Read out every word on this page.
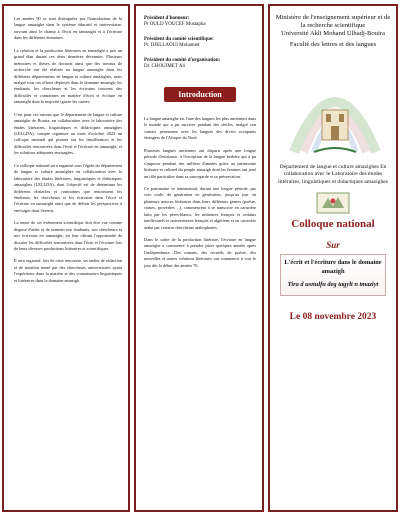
Les années 90 se sont distinguées par l'introduction de la langue amazighe dans le système éducatif et universitaire, ouvrant ainsi le champ à l'écrit en tamazight et à l'écriture dans les différents domaines.

La création et la production littéraires en tamazight a pris un grand élan durant ces deux dernières décennies. Plusieurs mémoires et thèses de doctorat ainsi que des travaux de recherche ont été réalisés en langue amazighe dans les différents départements de langue et culture amazighes, mais malgré tous ces efforts déployés dans le domaine amazigh, les étudiants, les chercheurs et les écrivains trouvent des difficultés et contraintes en matière d'écrit et écriture en tamazight dont la majorité ignore les causes.

C'est pour ces raisons que le département de langue et culture amazighe de Bouira, en collaboration avec le laboratoire des études littéraires, linguistiques et didactiques amazighes (LELLDA), compte organiser au mois d'octobre 2023 un colloque national qui portera sur les insuffisances et les difficultés rencontrées dans l'écrit et l'écriture en tamazight, et les solutions adéquates envisagées.

Ce colloque national sera organisé sous l'égide du département de langue et culture amazighes en collaboration avec le laboratoire des études littéraires, linguistiques et didactiques amazighes (LELLDA), dont l'objectif est de déterminer les différents obstacles et contraintes que rencontrent les étudiants, les chercheurs et les écrivains dans l'écrit et l'écriture en tamazight ainsi que de définir les perspectives à envisager dans l'avenir.

La tenue de cet événement scientifique doit être vue comme disposé d'aider et de soutenir nos étudiants, nos chercheurs et nos écrivains en tamazight, en leur offrant l'opportunité de discuter les difficultés rencontrées dans l'écrit et l'écriture lors de leurs diverses productions littéraires et scientifiques.

Il sera organisé, lors de cette rencontre, un atelier de rédaction et de notation mené par des chercheurs universitaires ayant l'expérience dans la matière et des connaisseurs linguistiques et littéraires dans le domaine amazigh.

Président d'honneur:

Pr OULD YOUCEF Mustapha

Président du comité scientifique:

Pr. DJELLAOUI Mohamed

Président du comité d'organisation:

Dr. CHOUIMET Ali

Introduction

La langue amazighe est l'une des langues les plus anciennes dans le monde qui a pu survivre pendant des siècles, malgré son contact permanent avec les langues des divers occupants étrangers de l'Afrique du Nord.

Plusieurs langues anciennes ont disparu après une longue période d'existence, à l'exception de la langue berbère qui a pu s'imposer pendant des milliers d'années grâce au patrimoine littéraire et culturel du peuple amazigh dont les femmes ont joué un rôle particulier dans sa sauvegarde et sa préservation.

Ce patrimoine se transmettait, durant une longue période, par voie orale, de génération en génération, jusqu'au jour où plusieurs œuvres littéraires dans leurs différents genres (poésie, contes, proverbes ...), commencent à se transcrire en caractère latin par les pères-blancs, les militaires français et certains intellectuels et universitaires français et algériens et en caractère arabe par certains chercheurs arabophones.

Dans le cadre de la production littéraire, l'écriture en langue amazighe a commencé à prendre place quelques années après l'indépendance. Des romans, des recueils de poésie, des nouvelles et autres créations littéraires ont commencé à voir le jour dès le début des années 70.

Ministère de l'enseignement supérieur et de la recherche scientifique

Université Akli Mohand Ulhadj-Bouira

Faculté des lettres et des langues

Département de langue et culture amazighes En collaboration avec le Laboratoire des études littéraires, linguistiques et didactiques amazighes

Colloque national

Sur

L'écrit et l'écriture dans le domaine amazigh

Tira d usnulfu deg tagylt n tmaziyt

Le 08 novembre 2023
